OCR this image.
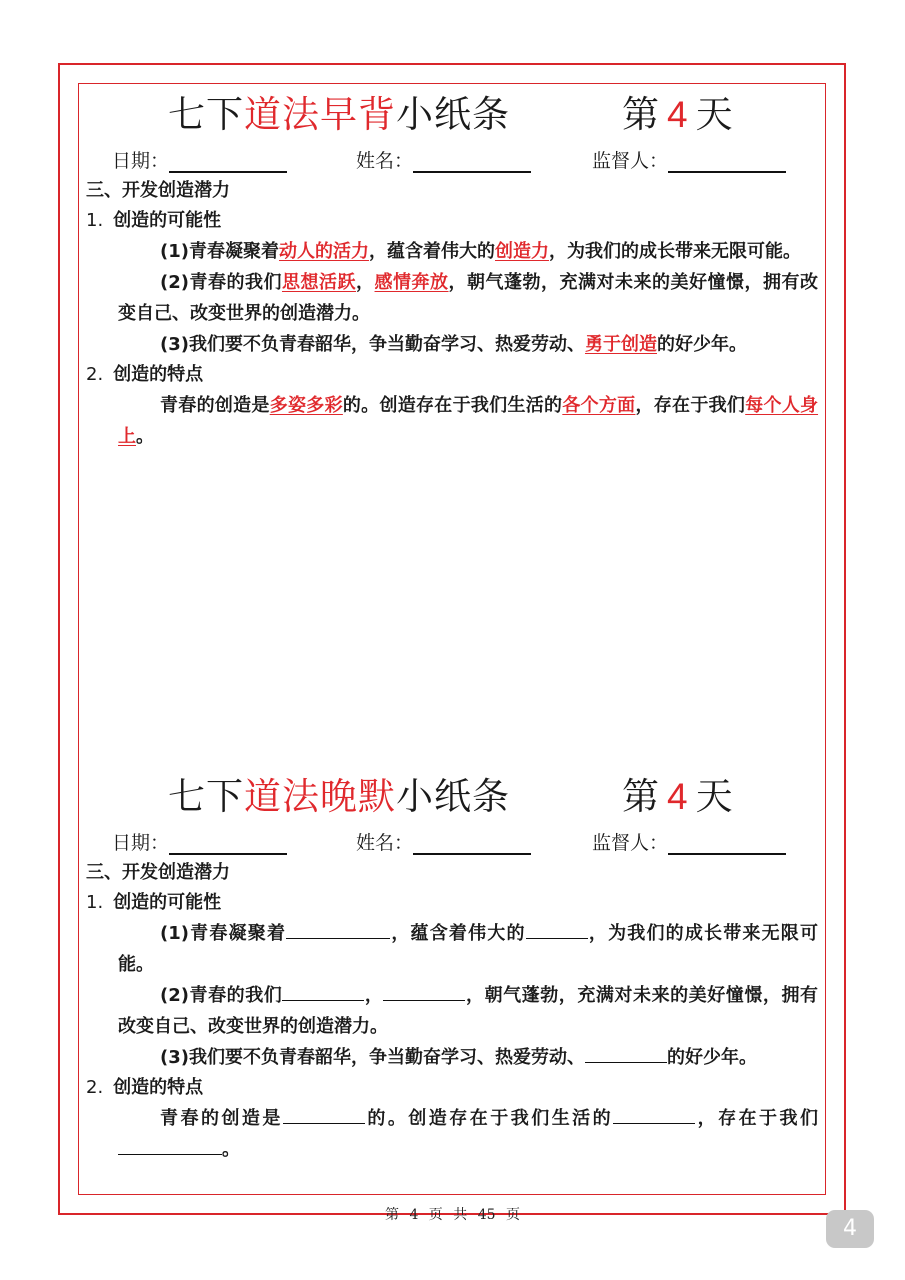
七下道法早背小纸条	第 4 天
日期：	姓名：	监督人：
三、开发创造潜力
1. 创造的可能性
(1)青春凝聚着动人的活力，蕴含着伟大的创造力，为我们的成长带来无限可能。
(2)青春的我们思想活跃，感情奔放，朝气蓬勃，充满对未来的美好憧憬，拥有改变自己、改变世界的创造潜力。
(3)我们要不负青春韶华，争当勤奋学习、热爱劳动、勇于创造的好少年。
2. 创造的特点
青春的创造是多姿多彩的。创造存在于我们生活的各个方面，存在于我们每个人身上。
七下道法晚默小纸条	第 4 天
日期：	姓名：	监督人：
三、开发创造潜力
1. 创造的可能性
(1)青春凝聚着	，蕴含着伟大的	，为我们的成长带来无限可能。
(2)青春的我们	，	，朝气蓬勃，充满对未来的美好憧憬，拥有改变自己、改变世界的创造潜力。
(3)我们要不负青春韶华，争当勤奋学习、热爱劳动、	的好少年。
2. 创造的特点
青春的创造是	的。创造存在于我们生活的	，存在于我们。
第 4 页 共 45 页
4
